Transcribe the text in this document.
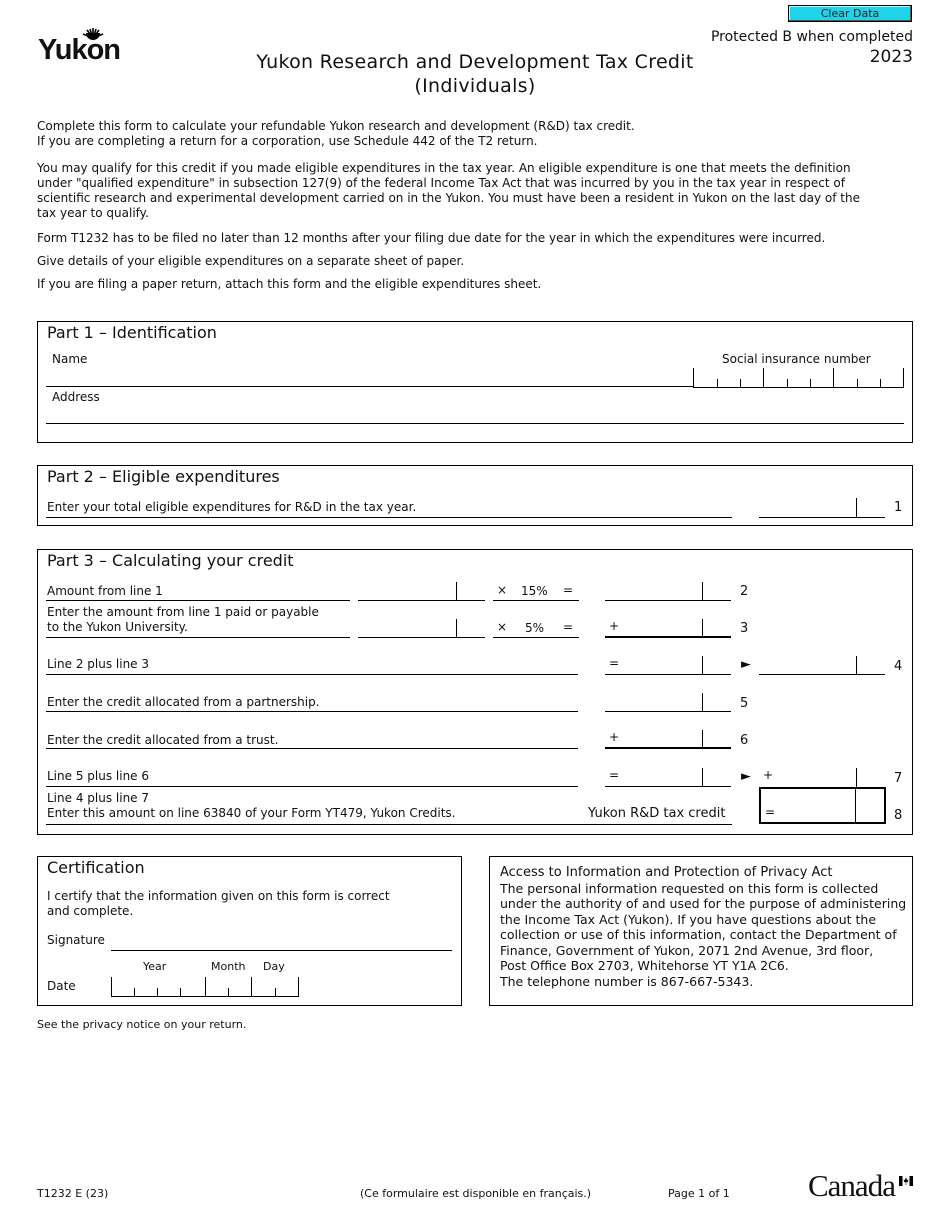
Yukon
Clear Data
Protected B when completed
2023
Yukon Research and Development Tax Credit
(Individuals)
Complete this form to calculate your refundable Yukon research and development (R&D) tax credit.
If you are completing a return for a corporation, use Schedule 442 of the T2 return.
You may qualify for this credit if you made eligible expenditures in the tax year. An eligible expenditure is one that meets the definition under "qualified expenditure" in subsection 127(9) of the federal Income Tax Act that was incurred by you in the tax year in respect of scientific research and experimental development carried on in the Yukon. You must have been a resident in Yukon on the last day of the tax year to qualify.
Form T1232 has to be filed no later than 12 months after your filing due date for the year in which the expenditures were incurred.
Give details of your eligible expenditures on a separate sheet of paper.
If you are filing a paper return, attach this form and the eligible expenditures sheet.
Part 1 – Identification
Name	Social insurance number
Address
Part 2 – Eligible expenditures
Enter your total eligible expenditures for R&D in the tax year.	1
Part 3 – Calculating your credit
Amount from line 1	× 15% =	2
Enter the amount from line 1 paid or payable
to the Yukon University.	× 5% =	+	3
Line 2 plus line 3	=	►	4
Enter the credit allocated from a partnership.	5
Enter the credit allocated from a trust.	+	6
Line 5 plus line 6	=	► +	7
Line 4 plus line 7
Enter this amount on line 63840 of your Form YT479, Yukon Credits.	Yukon R&D tax credit	=	8
Certification
I certify that the information given on this form is correct
and complete.
Signature
Year	Month Day
Date
See the privacy notice on your return.
Access to Information and Protection of Privacy Act
The personal information requested on this form is collected
under the authority of and used for the purpose of administering
the Income Tax Act (Yukon). If you have questions about the
collection or use of this information, contact the Department of
Finance, Government of Yukon, 2071 2nd Avenue, 3rd floor,
Post Office Box 2703, Whitehorse YT Y1A 2C6.
The telephone number is 867-667-5343.
T1232 E (23)	(Ce formulaire est disponible en français.)	Page 1 of 1	Canada
